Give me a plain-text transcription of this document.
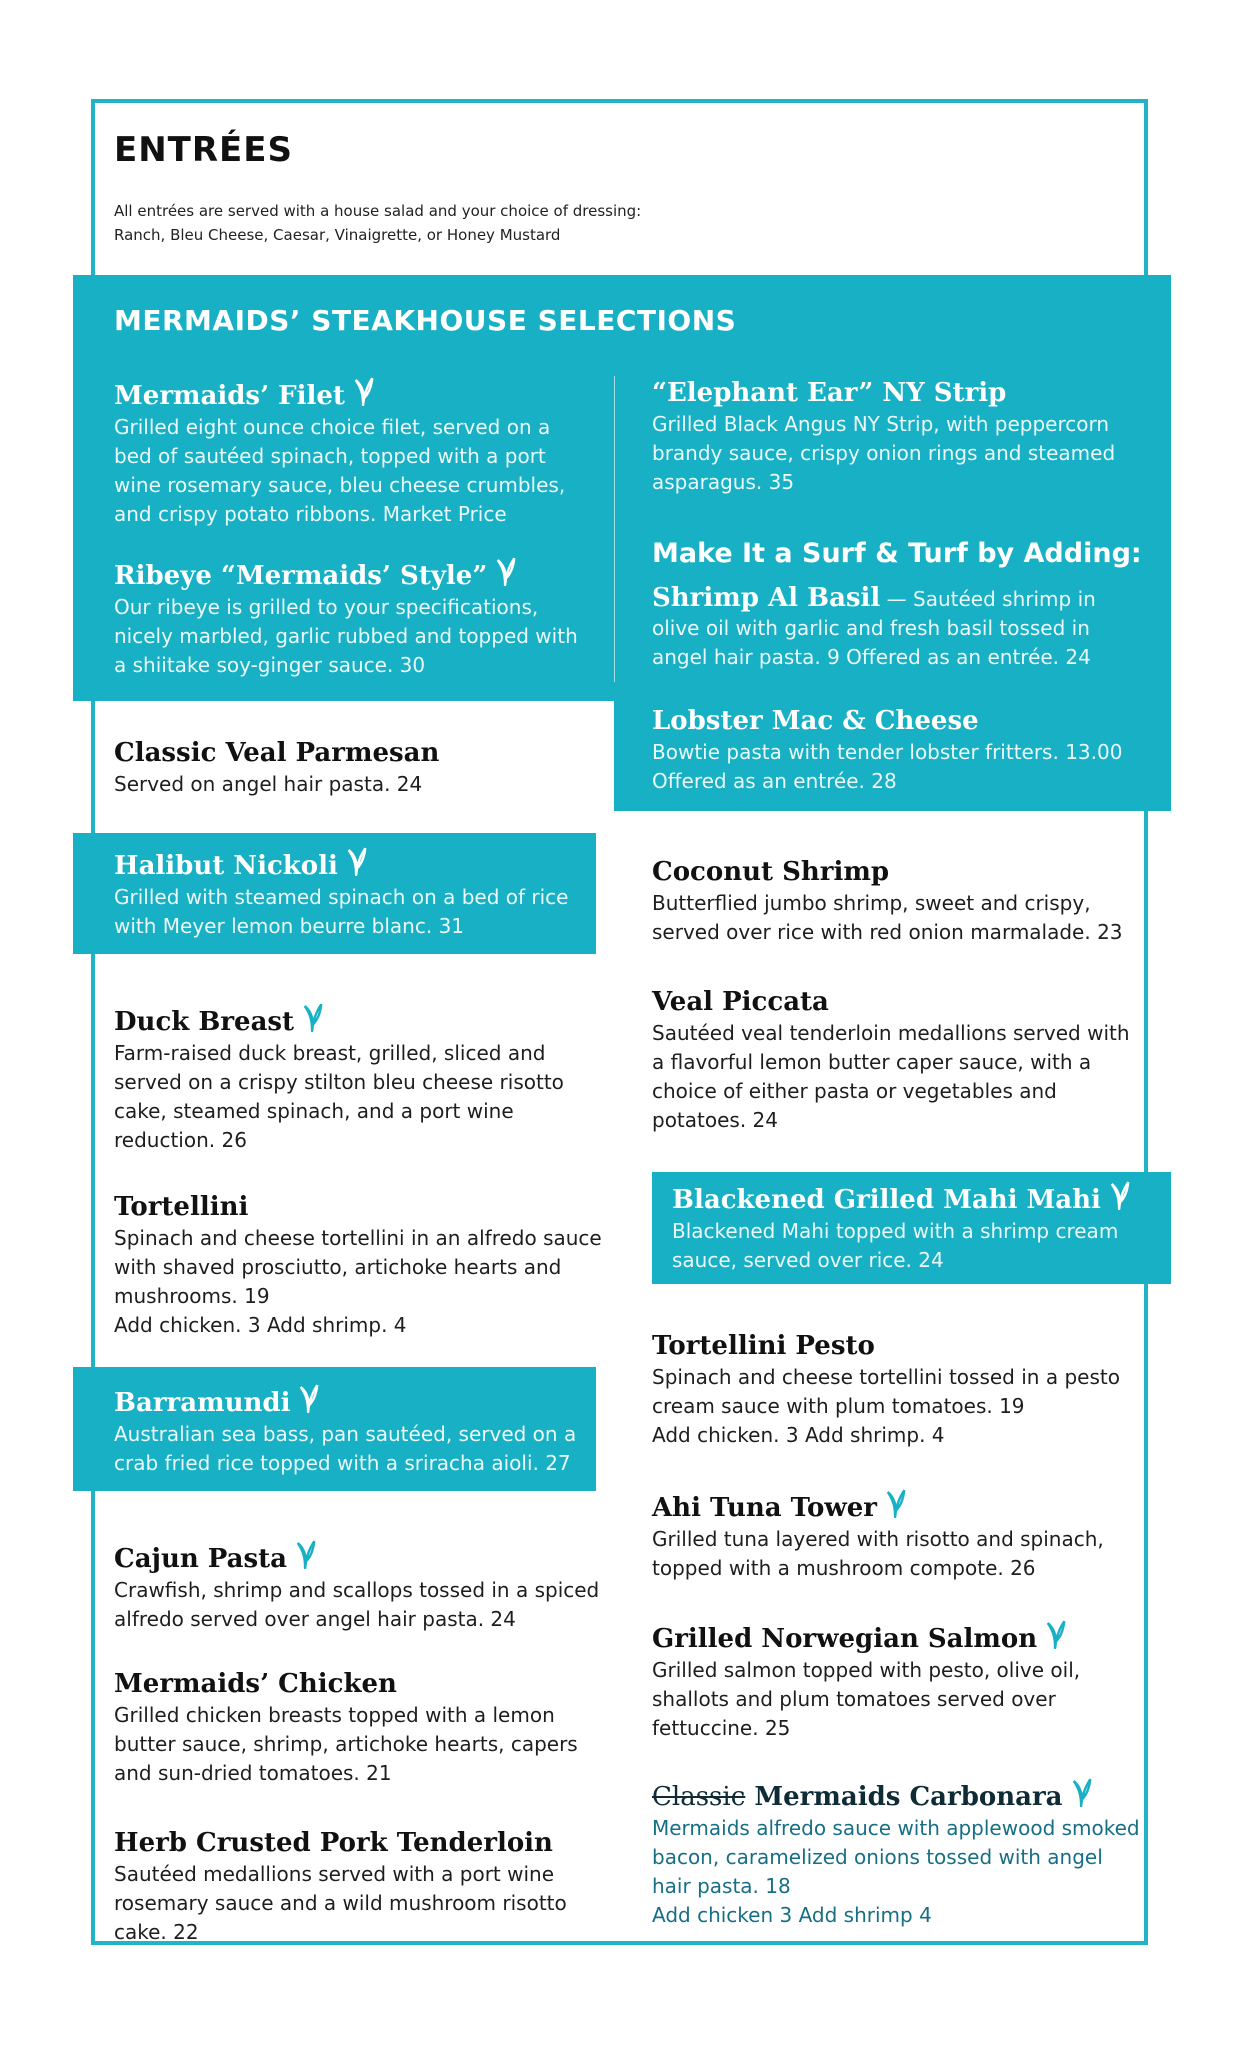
ENTRÉES
All entrées are served with a house salad and your choice of dressing:
Ranch, Bleu Cheese, Caesar, Vinaigrette, or Honey Mustard
MERMAIDS’ STEAKHOUSE SELECTIONS
Mermaids’ Filet
Grilled eight ounce choice filet, served on a bed of sautéed spinach, topped with a port wine rosemary sauce, bleu cheese crumbles, and crispy potato ribbons. Market Price
Ribeye “Mermaids’ Style”
Our ribeye is grilled to your specifications, nicely marbled, garlic rubbed and topped with a shiitake soy-ginger sauce. 30
“Elephant Ear” NY Strip
Grilled Black Angus NY Strip, with peppercorn brandy sauce, crispy onion rings and steamed asparagus. 35
Make It a Surf & Turf by Adding:
Shrimp Al Basil — Sautéed shrimp in olive oil with garlic and fresh basil tossed in angel hair pasta. 9 Offered as an entrée. 24
Lobster Mac & Cheese
Bowtie pasta with tender lobster fritters. 13.00 Offered as an entrée. 28
Classic Veal Parmesan
Served on angel hair pasta. 24
Halibut Nickoli
Grilled with steamed spinach on a bed of rice with Meyer lemon beurre blanc. 31
Duck Breast
Farm-raised duck breast, grilled, sliced and served on a crispy stilton bleu cheese risotto cake, steamed spinach, and a port wine reduction. 26
Tortellini
Spinach and cheese tortellini in an alfredo sauce with shaved prosciutto, artichoke hearts and mushrooms. 19
Add chicken. 3 Add shrimp. 4
Barramundi
Australian sea bass, pan sautéed, served on a crab fried rice topped with a sriracha aioli. 27
Cajun Pasta
Crawfish, shrimp and scallops tossed in a spiced alfredo served over angel hair pasta. 24
Mermaids’ Chicken
Grilled chicken breasts topped with a lemon butter sauce, shrimp, artichoke hearts, capers and sun-dried tomatoes. 21
Herb Crusted Pork Tenderloin
Sautéed medallions served with a port wine rosemary sauce and a wild mushroom risotto cake. 22
Coconut Shrimp
Butterflied jumbo shrimp, sweet and crispy, served over rice with red onion marmalade. 23
Veal Piccata
Sautéed veal tenderloin medallions served with a flavorful lemon butter caper sauce, with a choice of either pasta or vegetables and potatoes. 24
Blackened Grilled Mahi Mahi
Blackened Mahi topped with a shrimp cream sauce, served over rice. 24
Tortellini Pesto
Spinach and cheese tortellini tossed in a pesto cream sauce with plum tomatoes. 19
Add chicken. 3 Add shrimp. 4
Ahi Tuna Tower
Grilled tuna layered with risotto and spinach, topped with a mushroom compote. 26
Grilled Norwegian Salmon
Grilled salmon topped with pesto, olive oil, shallots and plum tomatoes served over fettuccine. 25
Classic Mermaids Carbonara
Mermaids alfredo sauce with applewood smoked bacon, caramelized onions tossed with angel hair pasta. 18
Add chicken 3 Add shrimp 4
